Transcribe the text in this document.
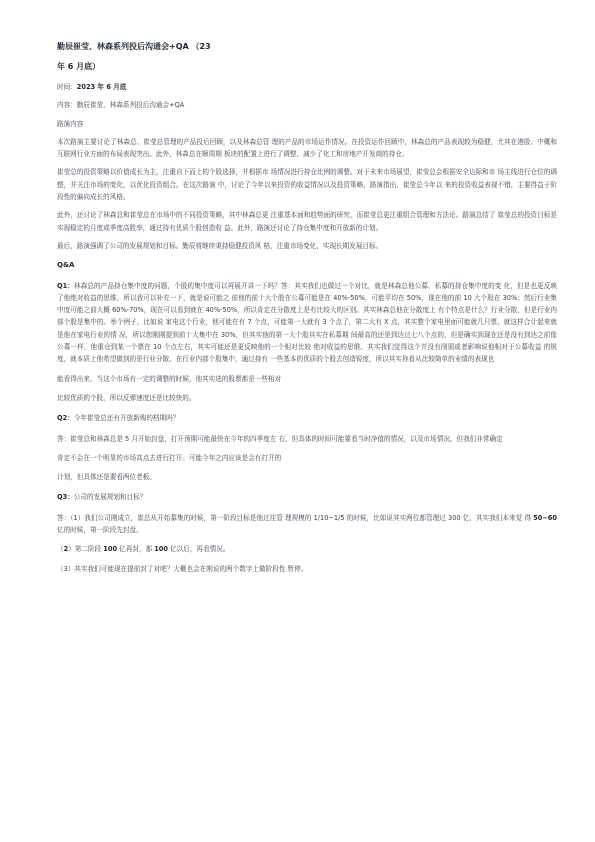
勤辰崔莹、林森系列投后沟通会+QA （23

年 6 月底）

时间：2023 年 6 月底

内容：勤辰崔莹、林森系列投后沟通会+QA

路演内容

本次路演主要讨论了林森总、崔莹总管理的产品投后回顾，以及林森总管 理的产品的市场运作情况。在投资运作回顾中，林森总的产品表现较为稳健，尤其在港股、中概和互联网行业方面的布局表现突出。此外，林森总在顺周期 板块的配置上进行了调整，减少了化工和房地产开发商的持仓。

崔莹总的投资策略以价值成长为主，注重自下而上的个股选择，并根据市 场情况进行持仓比例的调整。对于未来市场展望，崔莹总会根据安全边际和市 场主线进行仓位的调整，并关注市场的变化，以优化投资组合。在这次路演 中，讨论了今年以来投资的收益情况以及投资策略，路演指出，崔莹总今年以 来的投资收益表现不错，主要得益于阶段性的偏向成长的风格。

此外，还讨论了林森总和崔莹总在市场中的不同投资策略，其中林森总更 注重基本面和趋势面的研究，而崔莹总更注重组合管理和方法论。路演总结了 崔莹总的投资目标是实现稳定的月度或季度高胜率，通过持有优质个股创造收 益。此外，路演还讨论了持仓集中度和开放新的计划。

最后，路演强调了公司的发展规划和目标。勤辰将继续秉持稳健投资风 格，注重市场变化，实现长期发展目标。

Q&A

Q1：林森总的产品持仓集中度的问题，个股的集中度可以再展开讲一下吗？答：其实我们也做过一个对比，就是林森总他公募、私募的持仓集中度的变 化，但是也更反映了他绝对收益的思维。所以我可以补充一下，就是说可能之 前他的前十大个股在公募可能是在 40%-50%，可能平均在 50%，现在他的前 10 大个股在 30%；然后行业集中度可能之前大概 60%-70%，现在可以看到就在 40%-50%，所以肯定在分散度上是有比较大的区别。其实林森总他在分散度上 有个特点是什么？行业分散，但是行业内部个股是集中的。举个例子，比如说 家电这个行业，他可能在有 7 个点，可能第一大就有 3 个点了，第二大有 X 点，其实整个家电里面可能就几只票，就这样合计起来就是他在家电行业的情 况，所以您刚刚提到前十大集中在 30%，但其实他的第一大个股其实在私募期 间最高的还是到达过七八个点的，但是确实到现在还是没有到达之前像公募一样，他重仓到某一个票在 10 个点左右，其实可能还是更反映他的一个相对比较 绝对收益的思维。其实我们觉得这个并没有削弱或者影响说他相对于公募收益 的锐度，就本质上他希望做到的是行业分散、在行业内部个股集中，通过持有 一些基本的优质的个股去创造锐度，所以其实你看从比较简单的业绩的表现也

能看得出来，当这个市场有一定的调整的时候，他其实选的股票都是一些相对

比较优质的个股，所以反弹速度还是比较快的。

Q2：今年崔莹总还有开放新购的档期吗？

答：崔莹总和林森总是 5 月开始封盘，打开预期可能最快在今年的四季度左 右，但具体的时间可能要看当时净值的情况，以及市场情况。但我们非常确定

肯定不会在一个明显的市场高点去进行打开。可能今年之内应该是会有打开的

计划，但具体还是要看两位老板。

Q3：公司的发展规划和目标？

答：（1）我们公司刚成立，崔总从开始募集的时候，第一阶段目标是他过往管 理规模的 1/10~1/5 的时候，比如说其实两位都管理过 300 亿，其实我们本来觉 得 50~60 亿的时候，第一阶段先封盘。

（2）第二阶段 100 亿再封，那 100 亿以后，再看情况。

（3）其实我们可能现在提前封了对吧？大概也会在刚说的两个数字上做阶段性 暂停。
